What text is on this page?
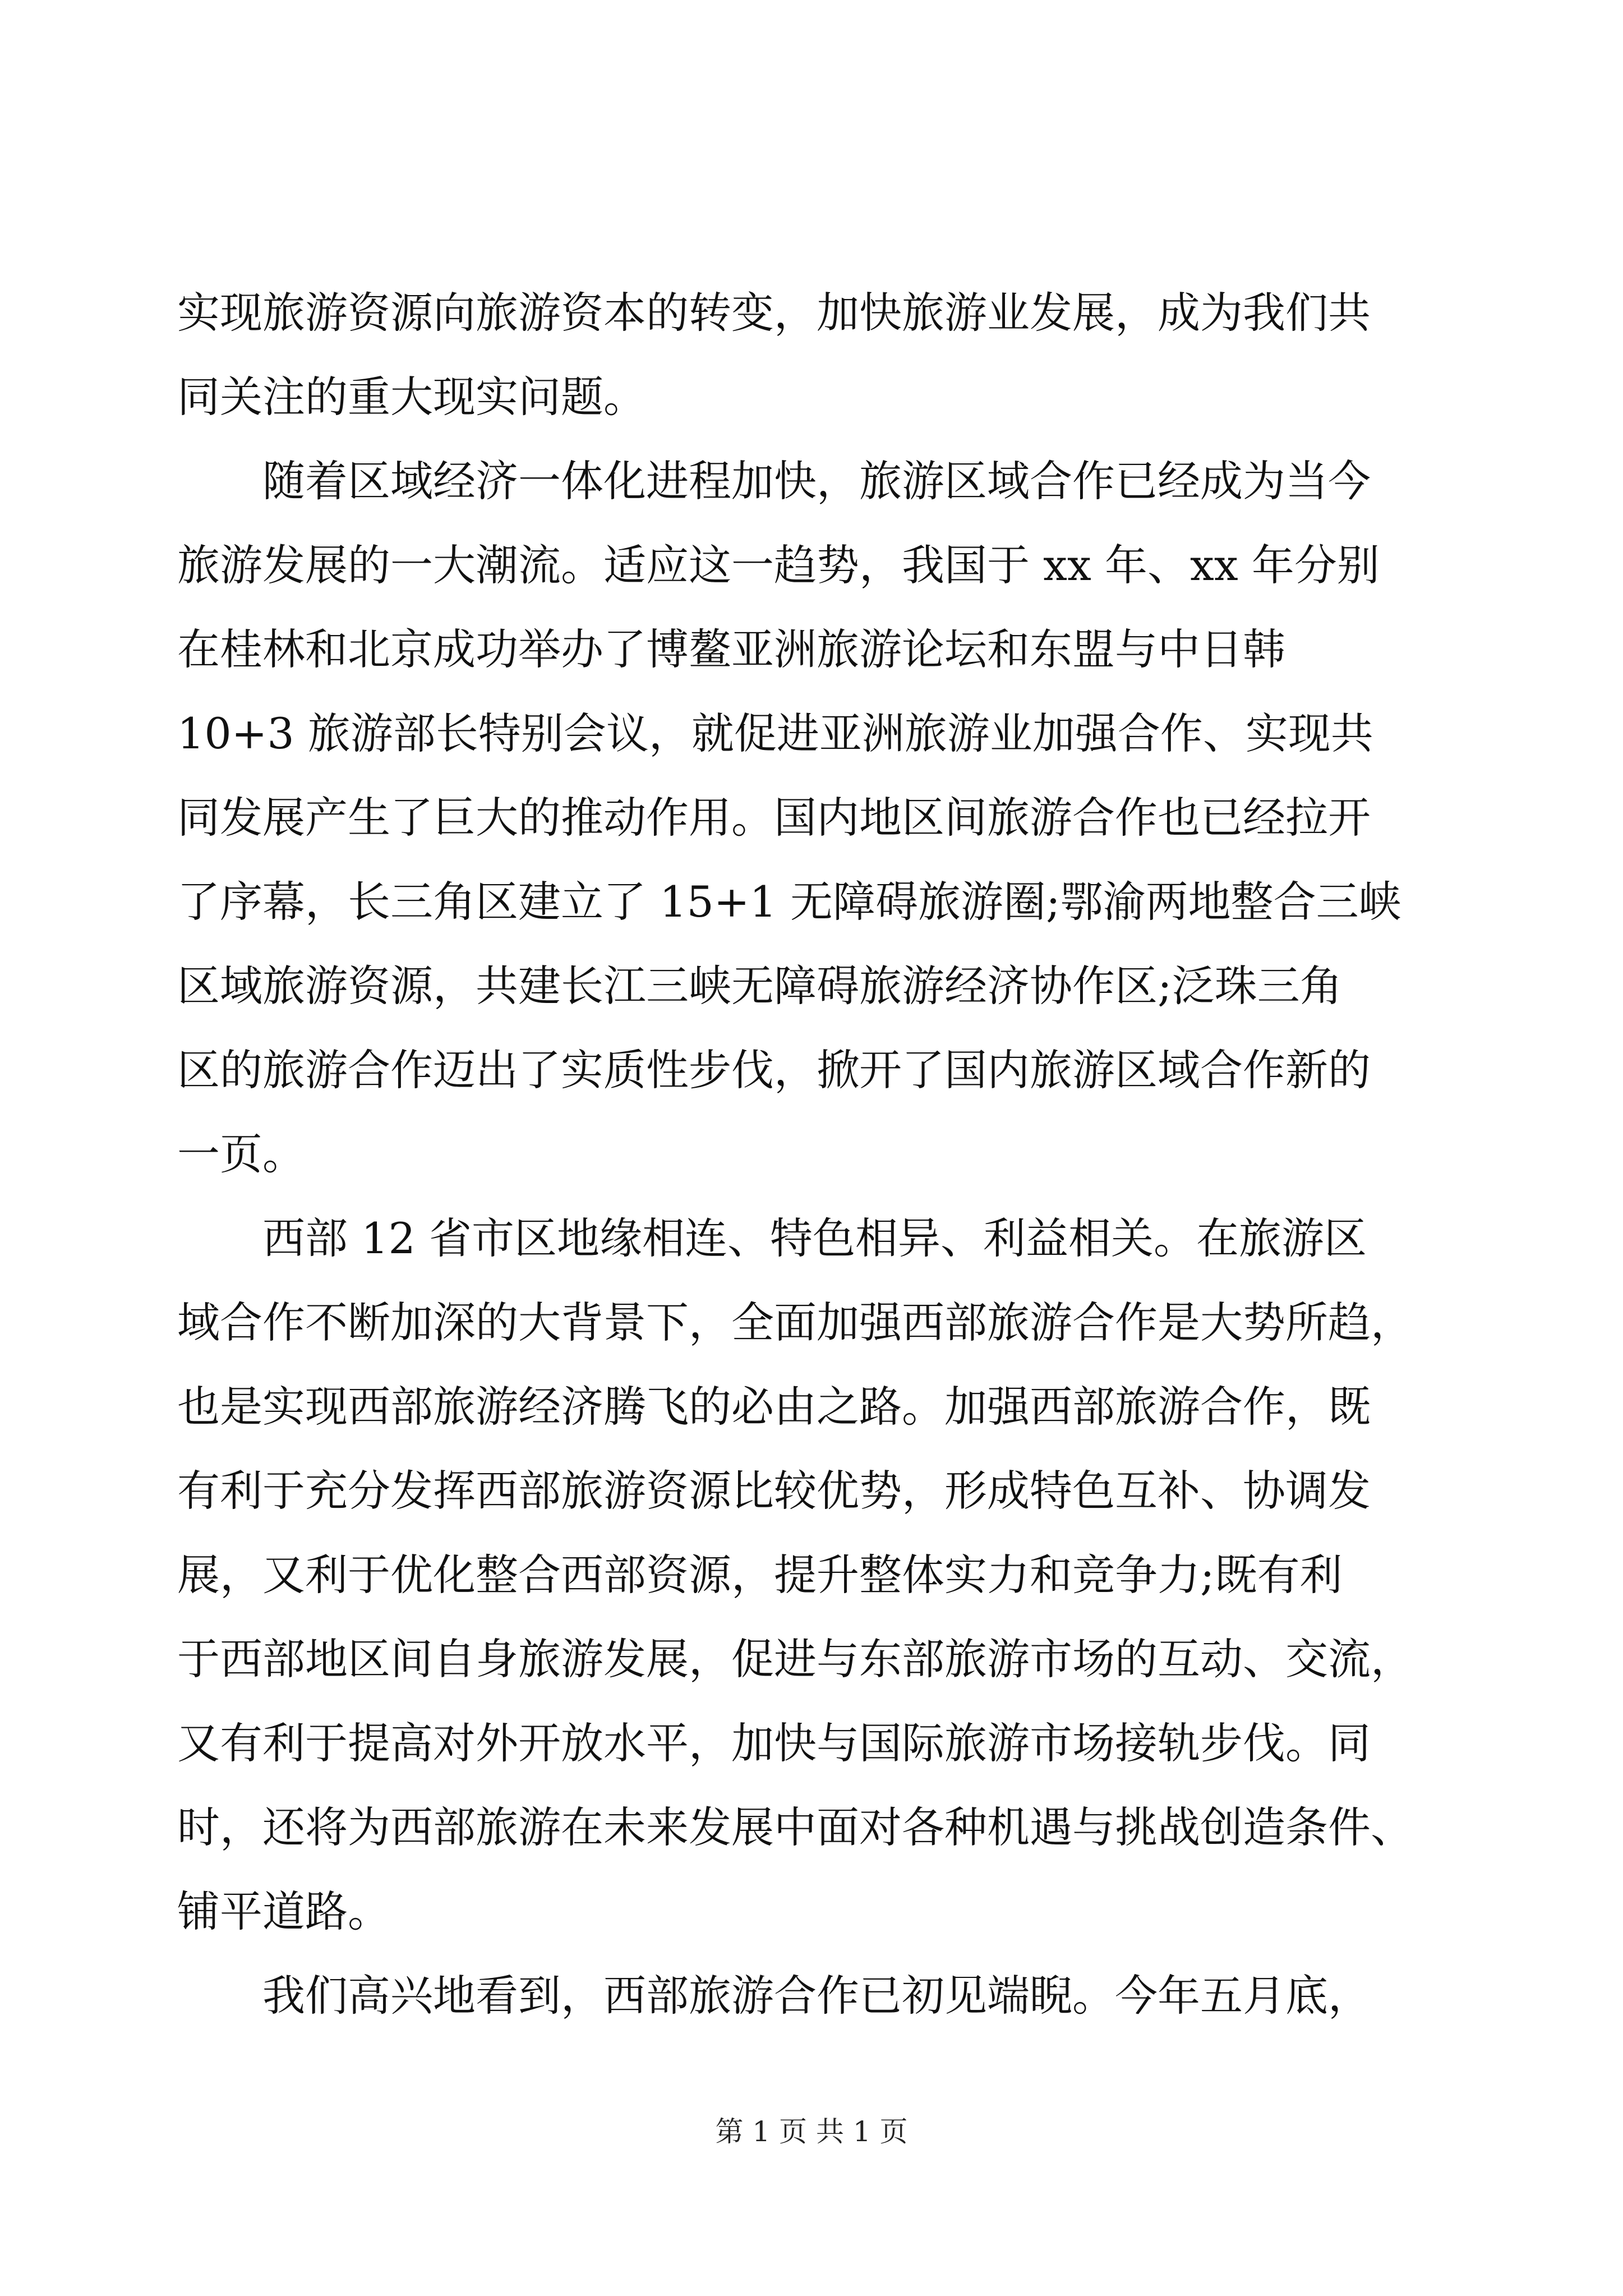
实现旅游资源向旅游资本的转变，加快旅游业发展，成为我们共
同关注的重大现实问题。
随着区域经济一体化进程加快，旅游区域合作已经成为当今
旅游发展的一大潮流。适应这一趋势，我国于 xx 年、xx 年分别
在桂林和北京成功举办了博鳌亚洲旅游论坛和东盟与中日韩
10+3 旅游部长特别会议，就促进亚洲旅游业加强合作、实现共
同发展产生了巨大的推动作用。国内地区间旅游合作也已经拉开
了序幕，长三角区建立了 15+1 无障碍旅游圈;鄂渝两地整合三峡
区域旅游资源，共建长江三峡无障碍旅游经济协作区;泛珠三角
区的旅游合作迈出了实质性步伐，掀开了国内旅游区域合作新的
一页。
西部 12 省市区地缘相连、特色相异、利益相关。在旅游区
域合作不断加深的大背景下，全面加强西部旅游合作是大势所趋，
也是实现西部旅游经济腾飞的必由之路。加强西部旅游合作，既
有利于充分发挥西部旅游资源比较优势，形成特色互补、协调发
展，又利于优化整合西部资源，提升整体实力和竞争力;既有利
于西部地区间自身旅游发展，促进与东部旅游市场的互动、交流，
又有利于提高对外开放水平，加快与国际旅游市场接轨步伐。同
时，还将为西部旅游在未来发展中面对各种机遇与挑战创造条件、
铺平道路。
我们高兴地看到，西部旅游合作已初见端睨。今年五月底，
第 1 页 共 1 页
